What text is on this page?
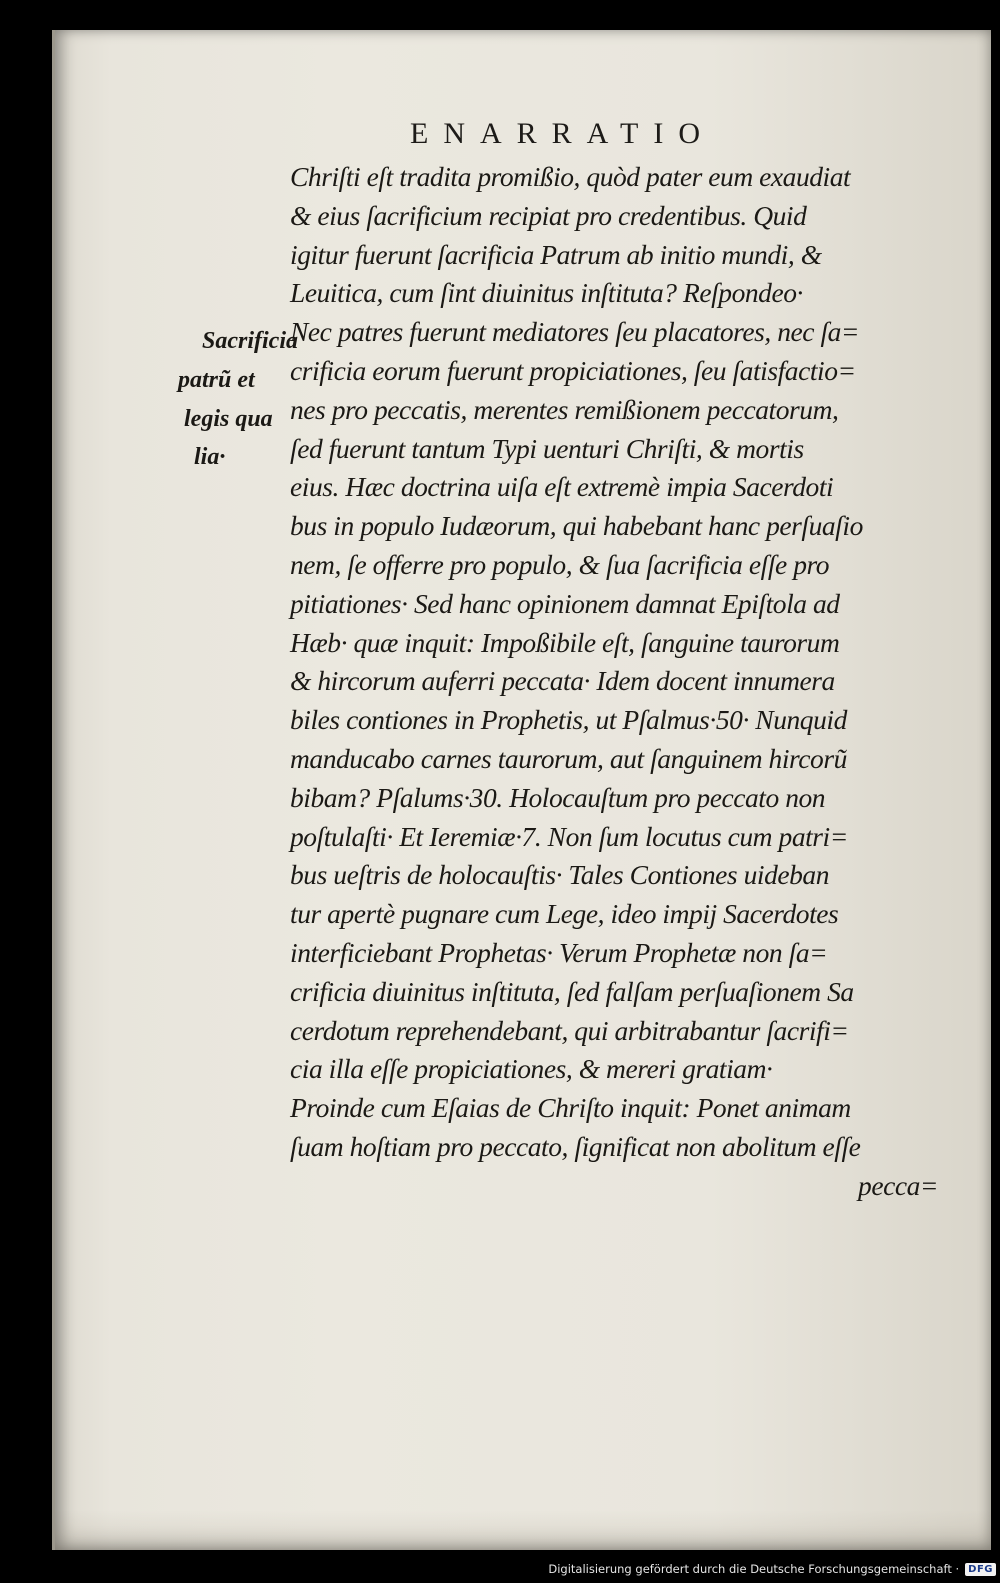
ENARRATIO
Sacrificia
patrũ et
legis qua
lia·
Chriſti eſt tradita promißio, quòd pater eum exaudiat
& eius ſacrificium recipiat pro credentibus. Quid
igitur fuerunt ſacrificia Patrum ab initio mundi, &
Leuitica, cum ſint diuinitus inſtituta? Reſpondeo·
Nec patres fuerunt mediatores ſeu placatores, nec ſa=
crificia eorum fuerunt propiciationes, ſeu ſatisfactio=
nes pro peccatis, merentes remißionem peccatorum,
ſed fuerunt tantum Typi uenturi Chriſti, & mortis
eius. Hæc doctrina uiſa eſt extremè impia Sacerdoti
bus in populo Iudæorum, qui habebant hanc perſuaſio
nem, ſe offerre pro populo, & ſua ſacrificia eſſe pro
pitiationes· Sed hanc opinionem damnat Epiſtola ad
Hæb· quæ inquit: Impoßibile eſt, ſanguine taurorum
& hircorum auferri peccata· Idem docent innumera
biles contiones in Prophetis, ut Pſalmus·50· Nunquid
manducabo carnes taurorum, aut ſanguinem hircorũ
bibam? Pſalums·30. Holocauſtum pro peccato non
poſtulaſti· Et Ieremiæ·7. Non ſum locutus cum patri=
bus ueſtris de holocauſtis· Tales Contiones uideban
tur apertè pugnare cum Lege, ideo impij Sacerdotes
interficiebant Prophetas· Verum Prophetæ non ſa=
crificia diuinitus inſtituta, ſed falſam perſuaſionem Sa
cerdotum reprehendebant, qui arbitrabantur ſacrifi=
cia illa eſſe propiciationes, & mereri gratiam·
Proinde cum Eſaias de Chriſto inquit: Ponet animam
ſuam hoſtiam pro peccato, ſignificat non abolitum eſſe
pecca=
Digitalisierung gefördert durch die Deutsche Forschungsgemeinschaft · DFG
